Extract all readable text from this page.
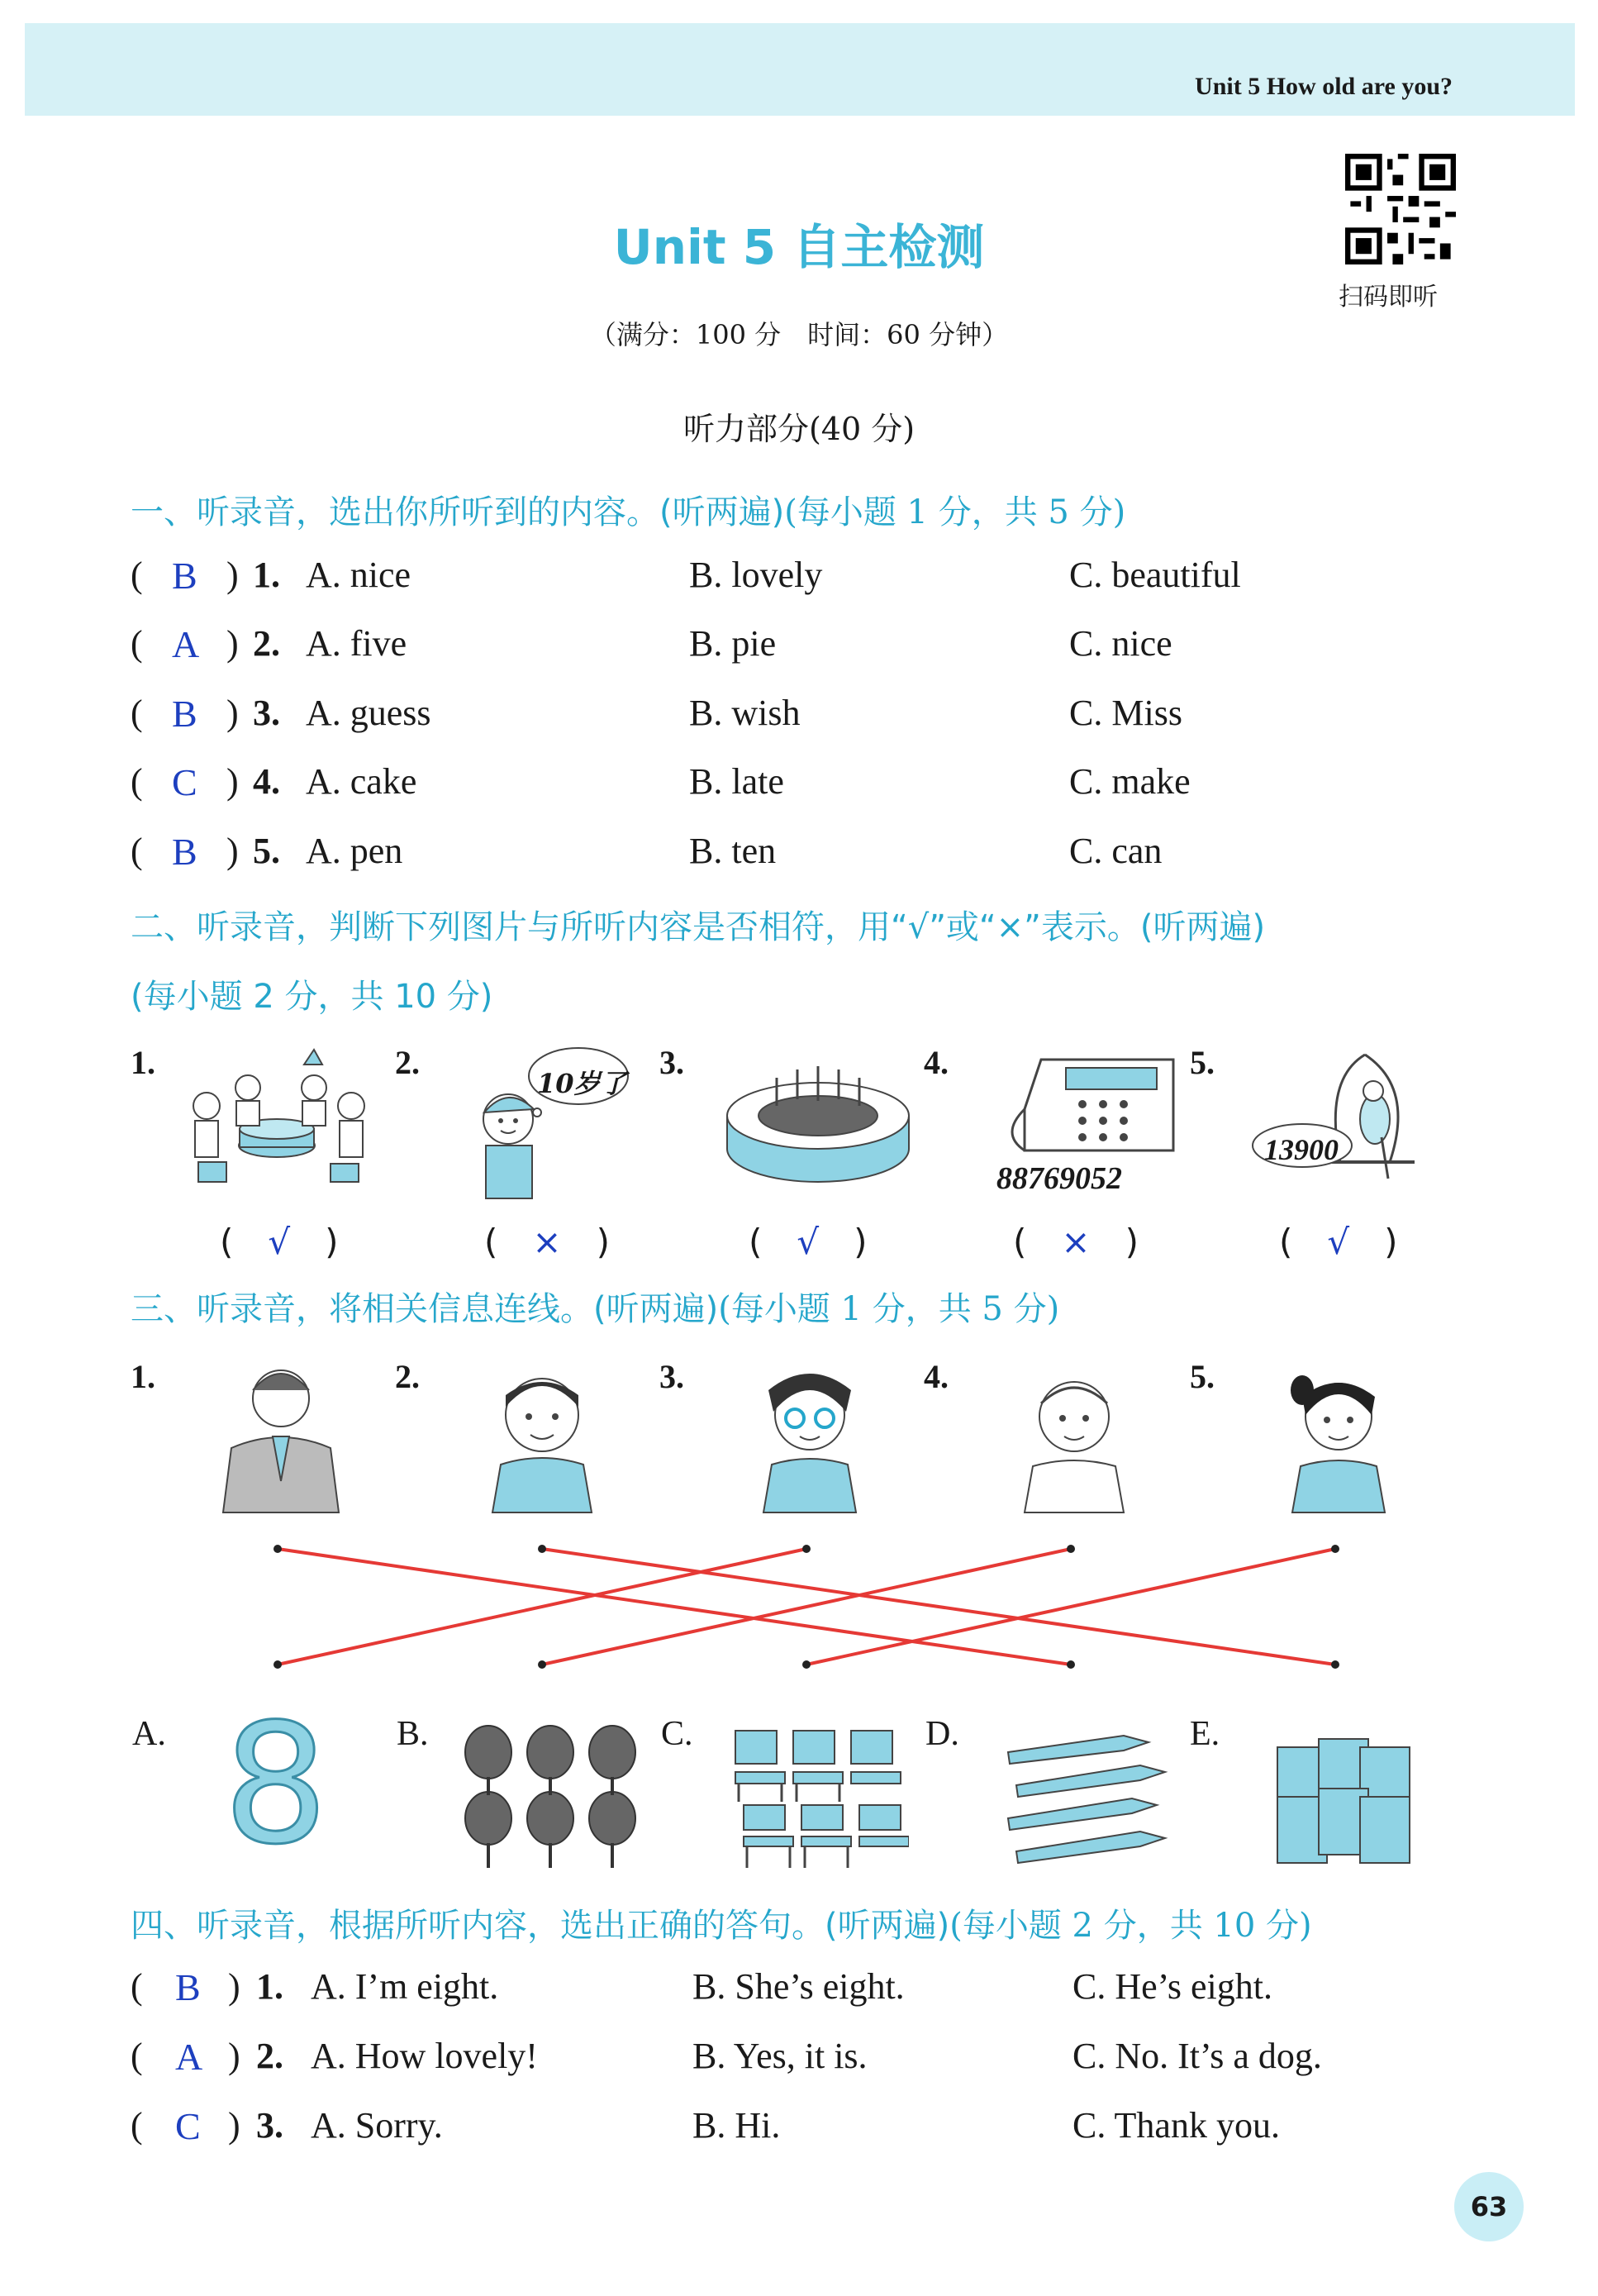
Unit 5 How old are you?
扫码即听
Unit 5 自主检测
（满分：100 分　时间：60 分钟）
听力部分(40 分)
一、听录音，选出你所听到的内容。(听两遍)(每小题 1 分，共 5 分)
( B ) 1. A. nice	B. lovely	C. beautiful
( A ) 2. A. five	B. pie	C. nice
( B ) 3. A. guess	B. wish	C. Miss
( C ) 4. A. cake	B. late	C. make
( B ) 5. A. pen	B. ten	C. can
二、听录音，判断下列图片与所听内容是否相符，用“√”或“×”表示。(听两遍)
(每小题 2 分，共 10 分)
1.	2.	3.	4.	5.
10岁了
88769052
13900
(　√　)	(　×　)	(　√　)	(　×　)	(　√　)
三、听录音，将相关信息连线。(听两遍)(每小题 1 分，共 5 分)
1.	2.	3.	4.	5.
A.	B.	C.	D.	E.
8
四、听录音，根据所听内容，选出正确的答句。(听两遍)(每小题 2 分，共 10 分)
( B ) 1. A. I’m eight.	B. She’s eight.	C. He’s eight.
( A ) 2. A. How lovely!	B. Yes, it is.	C. No. It’s a dog.
( C ) 3. A. Sorry.	B. Hi.	C. Thank you.
63
